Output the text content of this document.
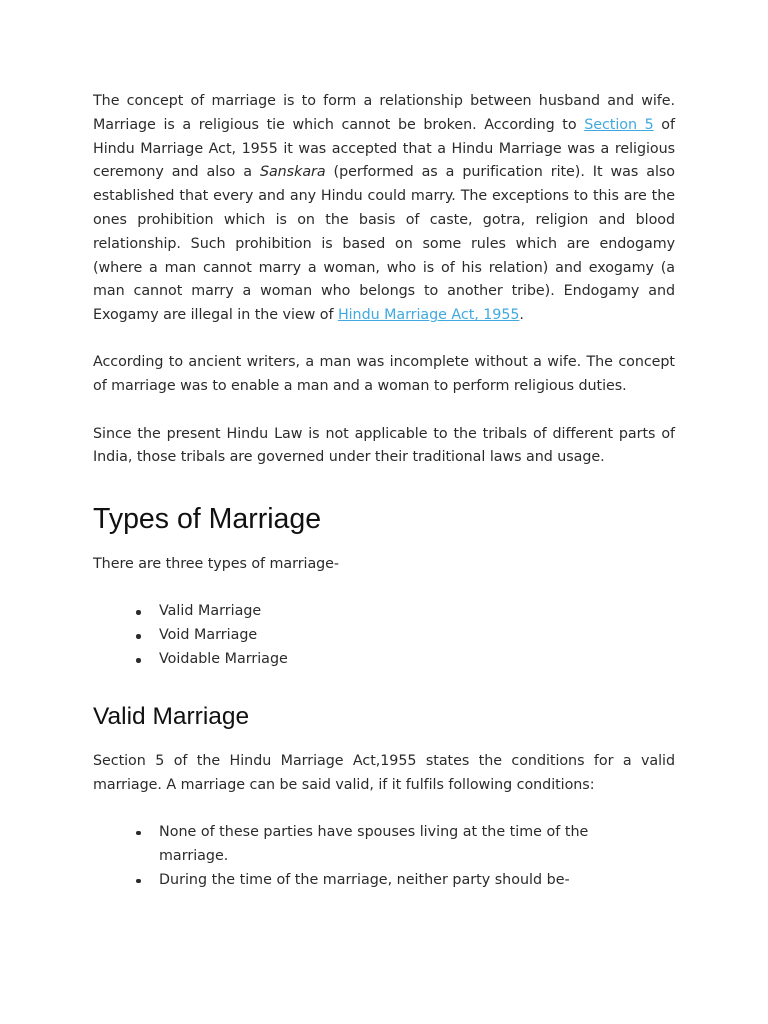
The concept of marriage is to form a relationship between husband and wife. Marriage is a religious tie which cannot be broken. According to Section 5 of Hindu Marriage Act, 1955 it was accepted that a Hindu Marriage was a religious ceremony and also a Sanskara (performed as a purification rite). It was also established that every and any Hindu could marry. The exceptions to this are the ones prohibition which is on the basis of caste, gotra, religion and blood relationship. Such prohibition is based on some rules which are endogamy (where a man cannot marry a woman, who is of his relation) and exogamy (a man cannot marry a woman who belongs to another tribe). Endogamy and Exogamy are illegal in the view of Hindu Marriage Act, 1955.

According to ancient writers, a man was incomplete without a wife. The concept of marriage was to enable a man and a woman to perform religious duties.

Since the present Hindu Law is not applicable to the tribals of different parts of India, those tribals are governed under their traditional laws and usage.

Types of Marriage

There are three types of marriage-

Valid Marriage
Void Marriage
Voidable Marriage
Valid Marriage

Section 5 of the Hindu Marriage Act,1955 states the conditions for a valid marriage. A marriage can be said valid, if it fulfils following conditions:

None of these parties have spouses living at the time of the marriage.
During the time of the marriage, neither party should be-
